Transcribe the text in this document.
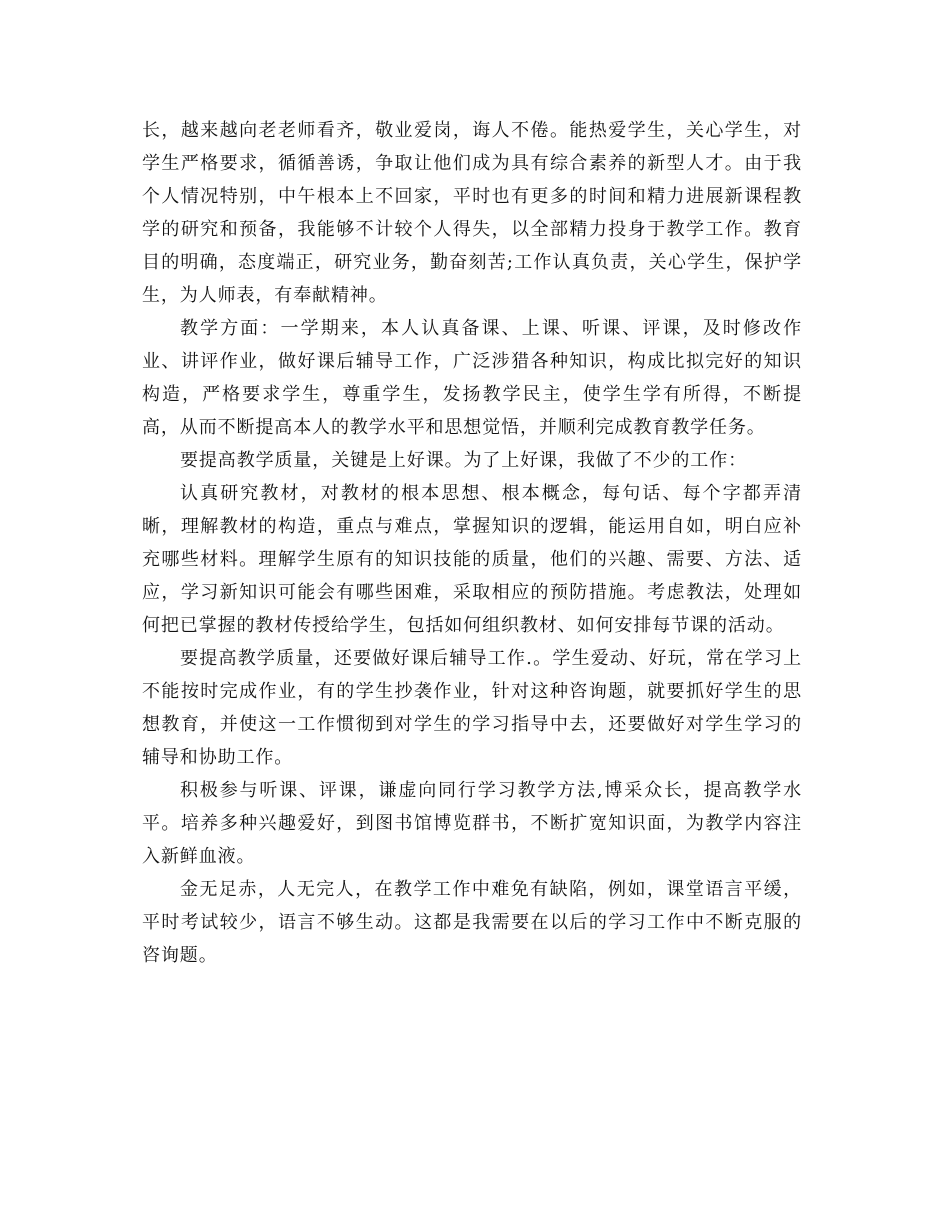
长，越来越向老老师看齐，敬业爱岗，诲人不倦。能热爱学生，关心学生，对学生严格要求，循循善诱，争取让他们成为具有综合素养的新型人才。由于我个人情况特别，中午根本上不回家，平时也有更多的时间和精力进展新课程教学的研究和预备，我能够不计较个人得失，以全部精力投身于教学工作。教育目的明确，态度端正，研究业务，勤奋刻苦;工作认真负责，关心学生，保护学生，为人师表，有奉献精神。

教学方面：一学期来，本人认真备课、上课、听课、评课，及时修改作业、讲评作业，做好课后辅导工作，广泛涉猎各种知识，构成比拟完好的知识构造，严格要求学生，尊重学生，发扬教学民主，使学生学有所得，不断提高，从而不断提高本人的教学水平和思想觉悟，并顺利完成教育教学任务。

要提高教学质量，关键是上好课。为了上好课，我做了不少的工作：

认真研究教材，对教材的根本思想、根本概念，每句话、每个字都弄清晰，理解教材的构造，重点与难点，掌握知识的逻辑，能运用自如，明白应补充哪些材料。理解学生原有的知识技能的质量，他们的兴趣、需要、方法、适应，学习新知识可能会有哪些困难，采取相应的预防措施。考虑教法，处理如何把已掌握的教材传授给学生，包括如何组织教材、如何安排每节课的活动。

要提高教学质量，还要做好课后辅导工作.。学生爱动、好玩，常在学习上不能按时完成作业，有的学生抄袭作业，针对这种咨询题，就要抓好学生的思想教育，并使这一工作惯彻到对学生的学习指导中去，还要做好对学生学习的辅导和协助工作。

积极参与听课、评课，谦虚向同行学习教学方法,博采众长，提高教学水平。培养多种兴趣爱好，到图书馆博览群书，不断扩宽知识面，为教学内容注入新鲜血液。

金无足赤，人无完人，在教学工作中难免有缺陷，例如，课堂语言平缓，平时考试较少，语言不够生动。这都是我需要在以后的学习工作中不断克服的咨询题。
